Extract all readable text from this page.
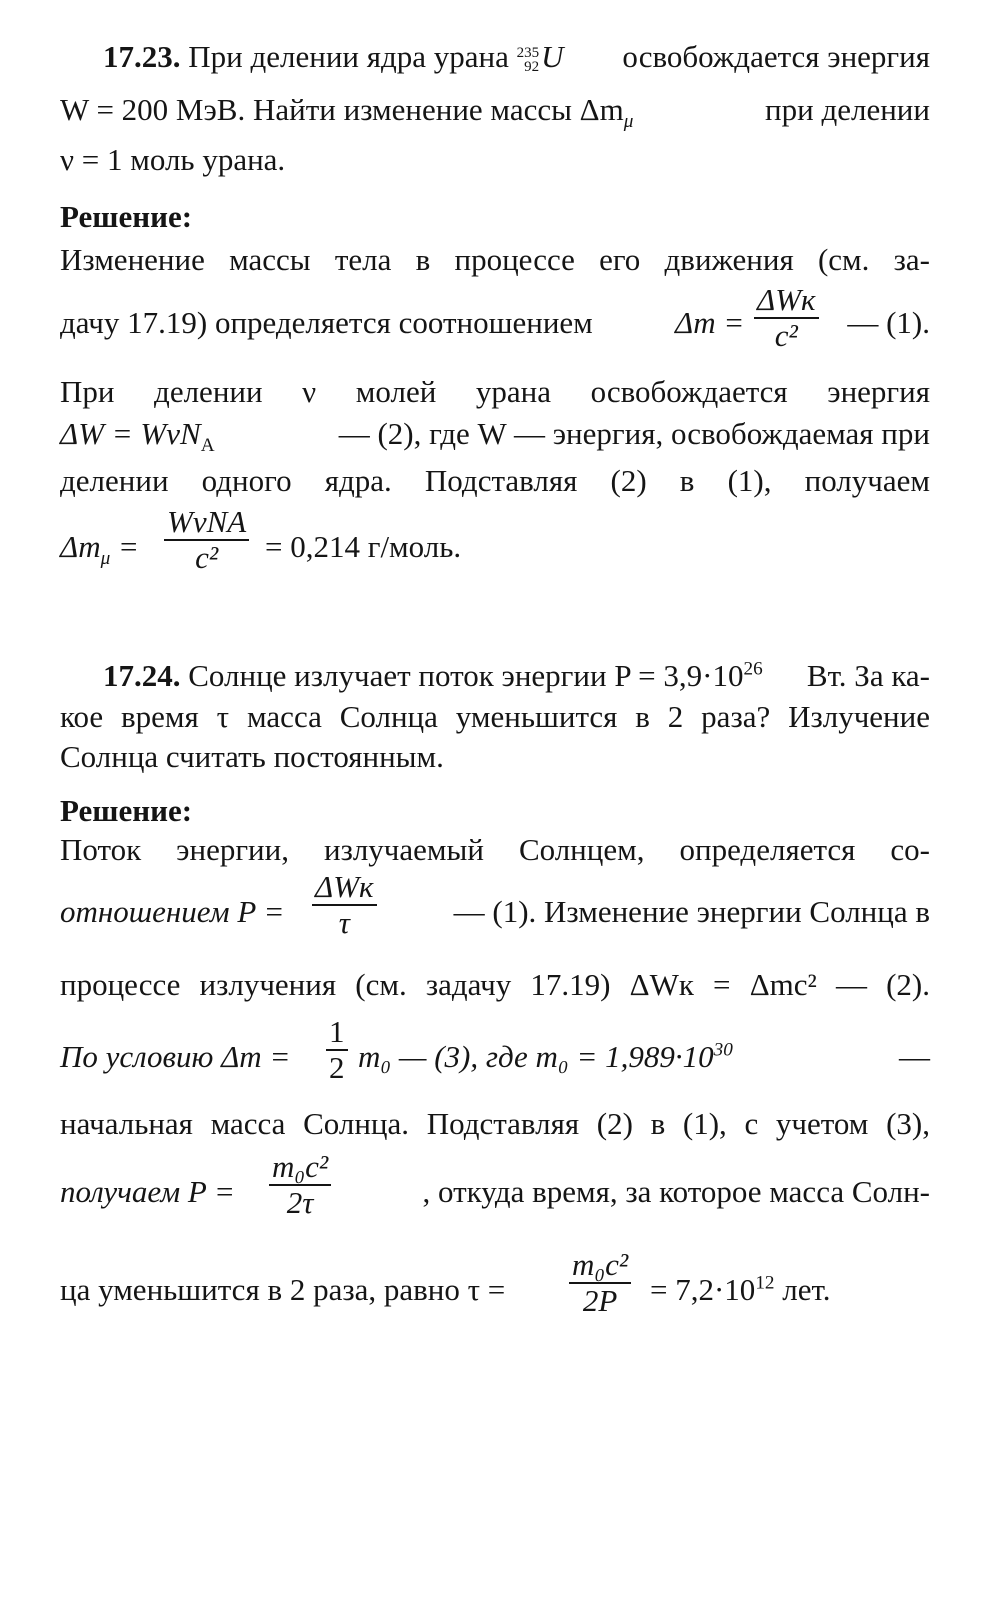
17.23. При делении ядра урана 235
92 U освобождается энергия
W = 200 МэВ. Найти изменение массы $\Delta m_\mu$	при делении
ν = 1 моль урана.
Решение:
Изменение массы тела в процессе его движения (см. за-
дачу 17.19) определяется соотношением	Δm =
ΔWк
c²	— (1).
При делении ν молей урана освобождается энергия
ΔW = WνN$_A$	— (2), где W — энергия, освобождаемая при
делении одного ядра. Подставляя (2) в (1), получаем
$\Delta m_\mu$ =
WνNA
c²	= 0,214 г/моль.
17.24. Солнце излучает поток энергии $P = 3,9\cdot 10^{26}$ Вт. За ка-
кое время τ масса Солнца уменьшится в 2 раза? Излучение
Солнца считать постоянным.
Решение:
Поток энергии, излучаемый Солнцем, определяется со-
отношением P =
ΔWк
τ	— (1). Изменение энергии Солнца в
процессе излучения (см. задачу 17.19) ΔWк = Δmc² — (2).
По условию $\Delta m = \frac{1}{2} m_0$ — (3), где $m_0 = 1,989\cdot 10^{30}$	—
начальная масса Солнца. Подставляя (2) в (1), с учетом (3),
получаем $P = \frac{\text{m₀c²}}{2\tau}$	, откуда время, за которое масса Солн-
ца уменьшится в 2 раза, равно $\tau = \frac{\text{m₀c²}}{2P} = 7,2\cdot 10^{12}$ лет.
